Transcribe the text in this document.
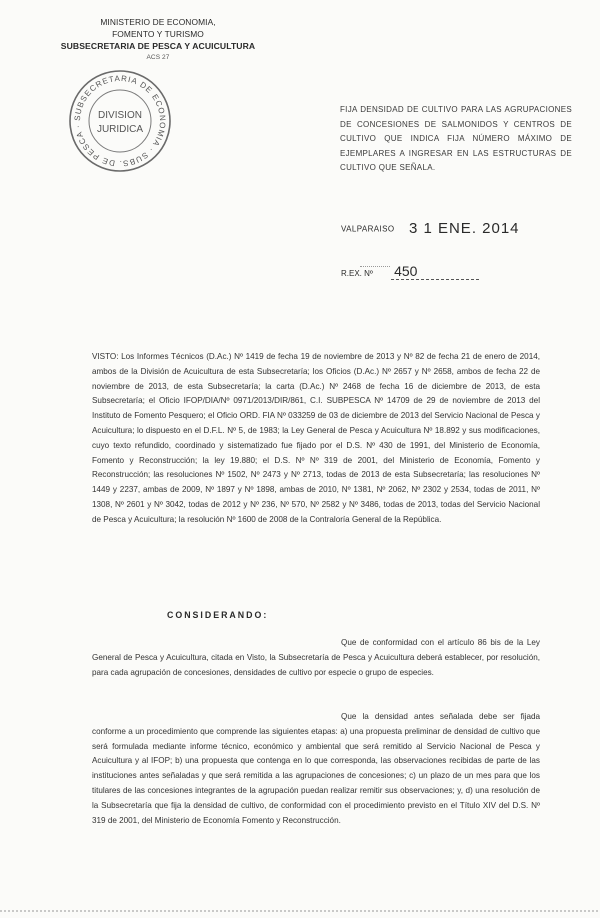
MINISTERIO DE ECONOMIA,
FOMENTO Y TURISMO
SUBSECRETARIA DE PESCA Y ACUICULTURA
ACS 27
SUBSECRETARIA DE ECONOMIA · SUBS. DE PESCA ·
DIVISION
JURIDICA
FIJA DENSIDAD DE CULTIVO PARA LAS AGRUPACIONES DE CONCESIONES DE SALMONIDOS Y CENTROS DE CULTIVO QUE INDICA FIJA NÚMERO MÁXIMO DE EJEMPLARES A INGRESAR EN LAS ESTRUCTURAS DE CULTIVO QUE SEÑALA.
VALPARAISO 3 1 ENE. 2014
R.EX. Nº 450

VISTO: Los Informes Técnicos (D.Ac.) Nº 1419 de fecha 19 de noviembre de 2013 y Nº 82 de fecha 21 de enero de 2014, ambos de la División de Acuicultura de esta Subsecretaría; los Oficios (D.Ac.) Nº 2657 y Nº 2658, ambos de fecha 22 de noviembre de 2013, de esta Subsecretaría; la carta (D.Ac.) Nº 2468 de fecha 16 de diciembre de 2013, de esta Subsecretaría; el Oficio IFOP/DIA/Nº 0971/2013/DIR/861, C.I. SUBPESCA Nº 14709 de 29 de noviembre de 2013 del Instituto de Fomento Pesquero; el Oficio ORD. FIA Nº 033259 de 03 de diciembre de 2013 del Servicio Nacional de Pesca y Acuicultura; lo dispuesto en el D.F.L. Nº 5, de 1983; la Ley General de Pesca y Acuicultura Nº 18.892 y sus modificaciones, cuyo texto refundido, coordinado y sistematizado fue fijado por el D.S. Nº 430 de 1991, del Ministerio de Economía, Fomento y Reconstrucción; la ley 19.880; el D.S. Nº Nº 319 de 2001, del Ministerio de Economía, Fomento y Reconstrucción; las resoluciones Nº 1502, Nº 2473 y Nº 2713, todas de 2013 de esta Subsecretaría; las resoluciones Nº 1449 y 2237, ambas de 2009, Nº 1897 y Nº 1898, ambas de 2010, Nº 1381, Nº 2062, Nº 2302 y 2534, todas de 2011, Nº 1308, Nº 2601 y Nº 3042, todas de 2012 y Nº 236, Nº 570, Nº 2582 y Nº 3486, todas de 2013, todas del Servicio Nacional de Pesca y Acuicultura; la resolución Nº 1600 de 2008 de la Contraloría General de la República.

CONSIDERANDO:

Que de conformidad con el artículo 86 bis de la Ley General de Pesca y Acuicultura, citada en Visto, la Subsecretaría de Pesca y Acuicultura deberá establecer, por resolución, para cada agrupación de concesiones, densidades de cultivo por especie o grupo de especies.

Que la densidad antes señalada debe ser fijada conforme a un procedimiento que comprende las siguientes etapas: a) una propuesta preliminar de densidad de cultivo que será formulada mediante informe técnico, económico y ambiental que será remitido al Servicio Nacional de Pesca y Acuicultura y al IFOP; b) una propuesta que contenga en lo que corresponda, las observaciones recibidas de parte de las instituciones antes señaladas y que será remitida a las agrupaciones de concesiones; c) un plazo de un mes para que los titulares de las concesiones integrantes de la agrupación puedan realizar remitir sus observaciones; y, d) una resolución de la Subsecretaría que fija la densidad de cultivo, de conformidad con el procedimiento previsto en el Título XIV del D.S. Nº 319 de 2001, del Ministerio de Economía Fomento y Reconstrucción.
